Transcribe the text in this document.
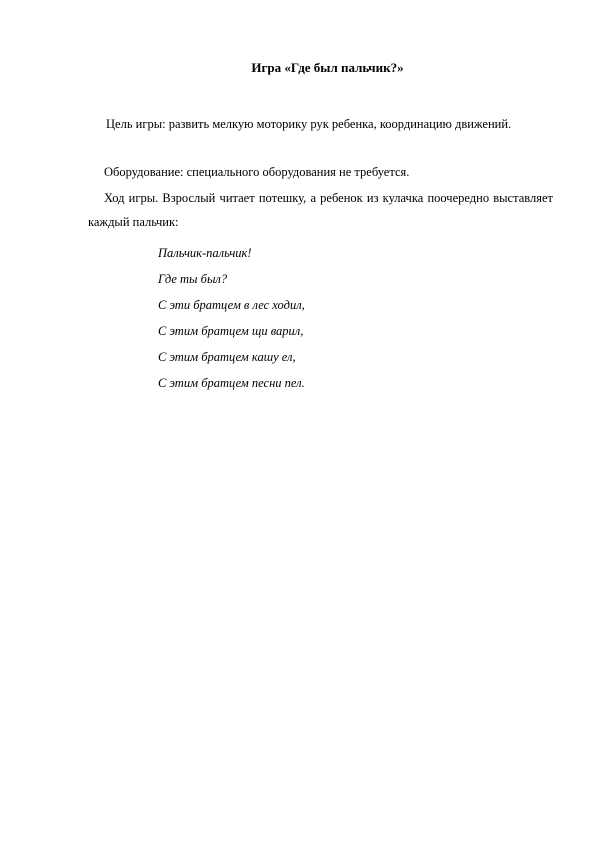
Игра «Где был пальчик?»

Цель игры: развить мелкую моторику рук ребенка, координацию движений.

Оборудование: специального оборудования не требуется.

Ход игры. Взрослый читает потешку, а ребенок из кулачка поочередно выставляет каждый пальчик:

Пальчик-пальчик!
Где ты был?
С эти братцем в лес ходил,
С этим братцем щи варил,
С этим братцем кашу ел,
С этим братцем песни пел.
